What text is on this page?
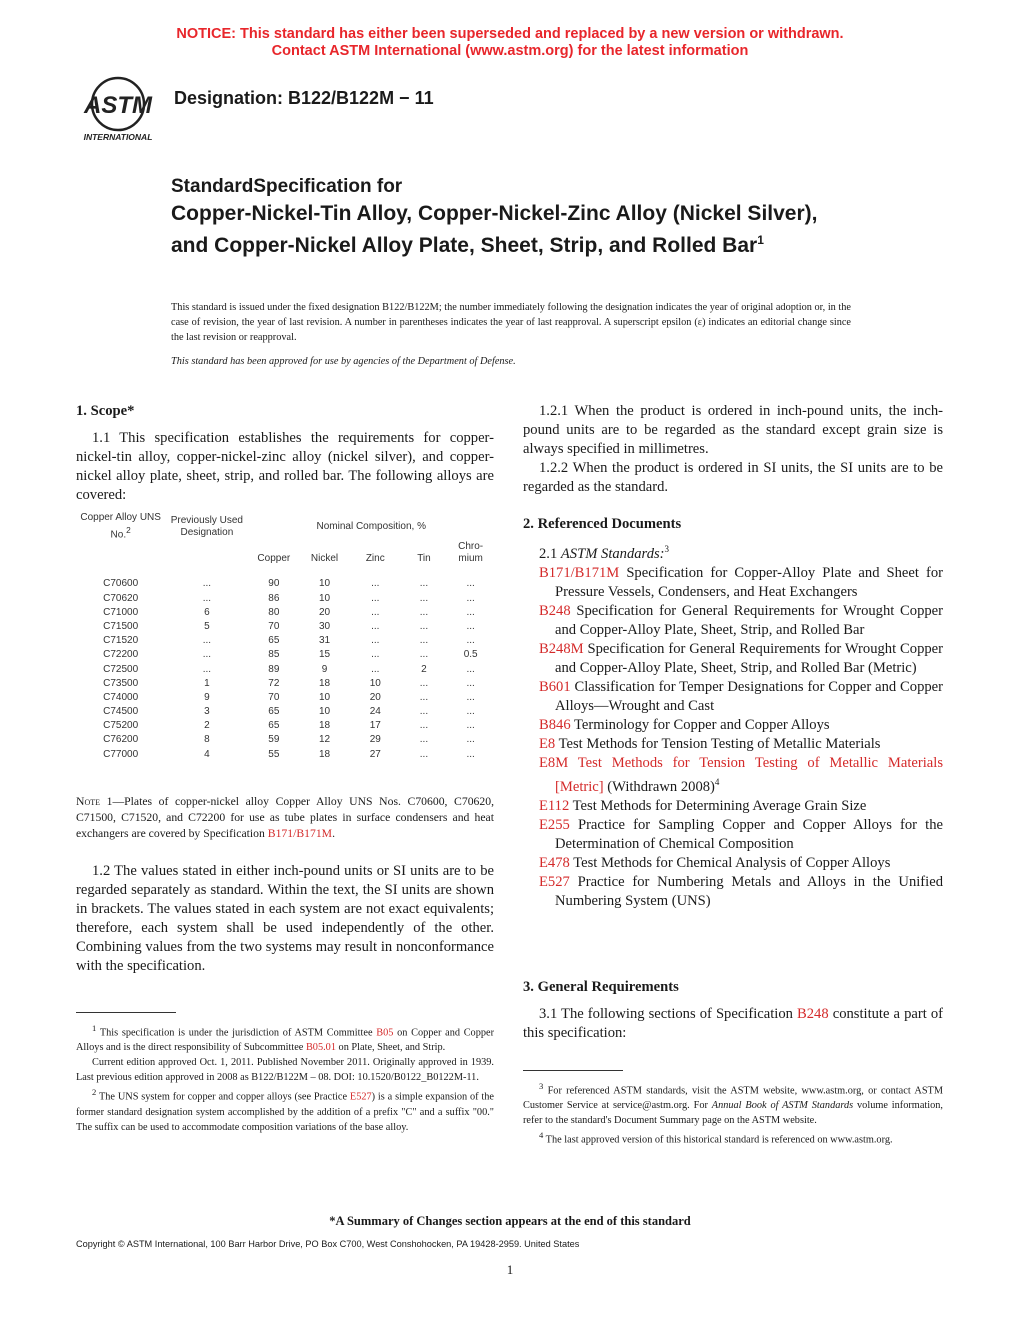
NOTICE: This standard has either been superseded and replaced by a new version or withdrawn.
Contact ASTM International (www.astm.org) for the latest information
ASTM
INTERNATIONAL
Designation: B122/B122M − 11
StandardSpecification for
Copper-Nickel-Tin Alloy, Copper-Nickel-Zinc Alloy (Nickel Silver), and Copper-Nickel Alloy Plate, Sheet, Strip, and Rolled Bar$^1$
This standard is issued under the fixed designation B122/B122M; the number immediately following the designation indicates the year of original adoption or, in the case of revision, the year of last revision. A number in parentheses indicates the year of last reapproval. A superscript epsilon (ε) indicates an editorial change since the last revision or reapproval.
This standard has been approved for use by agencies of the Department of Defense.
1. Scope*

1.1 This specification establishes the requirements for copper-nickel-tin alloy, copper-nickel-zinc alloy (nickel silver), and copper-nickel alloy plate, sheet, strip, and rolled bar. The following alloys are covered:

Copper Alloy UNS No.$^2$	Previously Used Designation	Nominal Composition, %				
		Copper	Nickel	Zinc	Tin	Chro-mium

C70600	...	90	10	...	...	...
C70620	...	86	10	...	...	...
C71000	6	80	20	...	...	...
C71500	5	70	30	...	...	...
C71520	...	65	31	...	...	...
C72200	...	85	15	...	...	0.5
C72500	...	89	9	...	2	...
C73500	1	72	18	10	...	...
C74000	9	70	10	20	...	...
C74500	3	65	10	24	...	...
C75200	2	65	18	17	...	...
C76200	8	59	12	29	...	...
C77000	4	55	18	27	...	...
Note 1—Plates of copper-nickel alloy Copper Alloy UNS Nos. C70600, C70620, C71500, C71520, and C72200 for use as tube plates in surface condensers and heat exchangers are covered by Specification B171/B171M.

1.2 The values stated in either inch-pound units or SI units are to be regarded separately as standard. Within the text, the SI units are shown in brackets. The values stated in each system are not exact equivalents; therefore, each system shall be used independently of the other. Combining values from the two systems may result in nonconformance with the specification.

$^1$ This specification is under the jurisdiction of ASTM Committee B05 on Copper and Copper Alloys and is the direct responsibility of Subcommittee B05.01 on Plate, Sheet, and Strip.
Current edition approved Oct. 1, 2011. Published November 2011. Originally approved in 1939. Last previous edition approved in 2008 as B122/B122M – 08. DOI: 10.1520/B0122_B0122M-11.
$^2$ The UNS system for copper and copper alloys (see Practice E527) is a simple expansion of the former standard designation system accomplished by the addition of a prefix "C" and a suffix "00." The suffix can be used to accommodate composition variations of the base alloy.

1.2.1 When the product is ordered in inch-pound units, the inch-pound units are to be regarded as the standard except grain size is always specified in millimetres.

1.2.2 When the product is ordered in SI units, the SI units are to be regarded as the standard.

2. Referenced Documents

2.1 ASTM Standards:$^3$

B171/B171M Specification for Copper-Alloy Plate and Sheet for Pressure Vessels, Condensers, and Heat Exchangers

B248 Specification for General Requirements for Wrought Copper and Copper-Alloy Plate, Sheet, Strip, and Rolled Bar

B248M Specification for General Requirements for Wrought Copper and Copper-Alloy Plate, Sheet, Strip, and Rolled Bar (Metric)

B601 Classification for Temper Designations for Copper and Copper Alloys—Wrought and Cast

B846 Terminology for Copper and Copper Alloys

E8 Test Methods for Tension Testing of Metallic Materials

E8M Test Methods for Tension Testing of Metallic Materials [Metric] (Withdrawn 2008)$^4$

E112 Test Methods for Determining Average Grain Size

E255 Practice for Sampling Copper and Copper Alloys for the Determination of Chemical Composition

E478 Test Methods for Chemical Analysis of Copper Alloys

E527 Practice for Numbering Metals and Alloys in the Unified Numbering System (UNS)

3. General Requirements

3.1 The following sections of Specification B248 constitute a part of this specification:

$^3$ For referenced ASTM standards, visit the ASTM website, www.astm.org, or contact ASTM Customer Service at service@astm.org. For Annual Book of ASTM Standards volume information, refer to the standard's Document Summary page on the ASTM website.
$^4$ The last approved version of this historical standard is referenced on www.astm.org.
*A Summary of Changes section appears at the end of this standard
Copyright © ASTM International, 100 Barr Harbor Drive, PO Box C700, West Conshohocken, PA 19428-2959. United States
1
